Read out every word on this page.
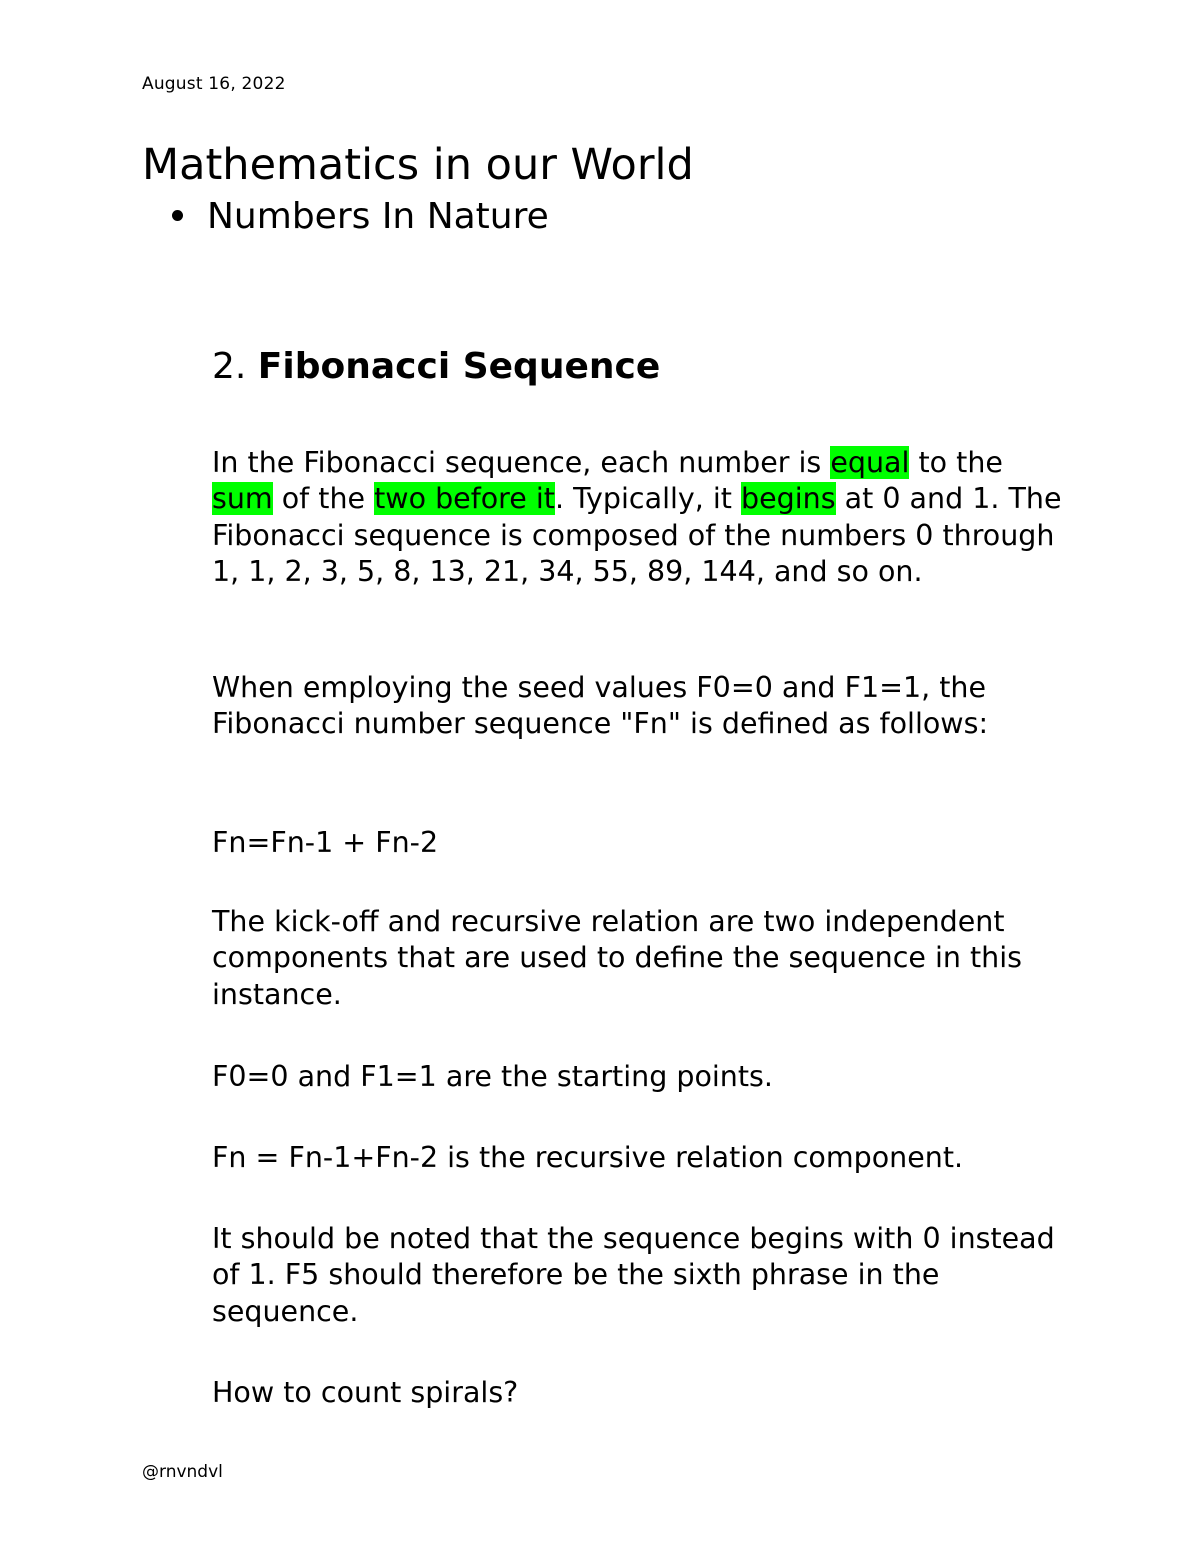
August 16, 2022
Mathematics in our World
Numbers In Nature
2. Fibonacci Sequence
In the Fibonacci sequence, each number is equal to the sum of the two before it. Typically, it begins at 0 and 1. The Fibonacci sequence is composed of the numbers 0 through 1, 1, 2, 3, 5, 8, 13, 21, 34, 55, 89, 144, and so on.
When employing the seed values F0=0 and F1=1, the Fibonacci number sequence "Fn" is defined as follows:
Fn=Fn-1 + Fn-2
The kick-off and recursive relation are two independent components that are used to define the sequence in this instance.
F0=0 and F1=1 are the starting points.
Fn = Fn-1+Fn-2 is the recursive relation component.
It should be noted that the sequence begins with 0 instead of 1. F5 should therefore be the sixth phrase in the sequence.
How to count spirals?
@rnvndvl
